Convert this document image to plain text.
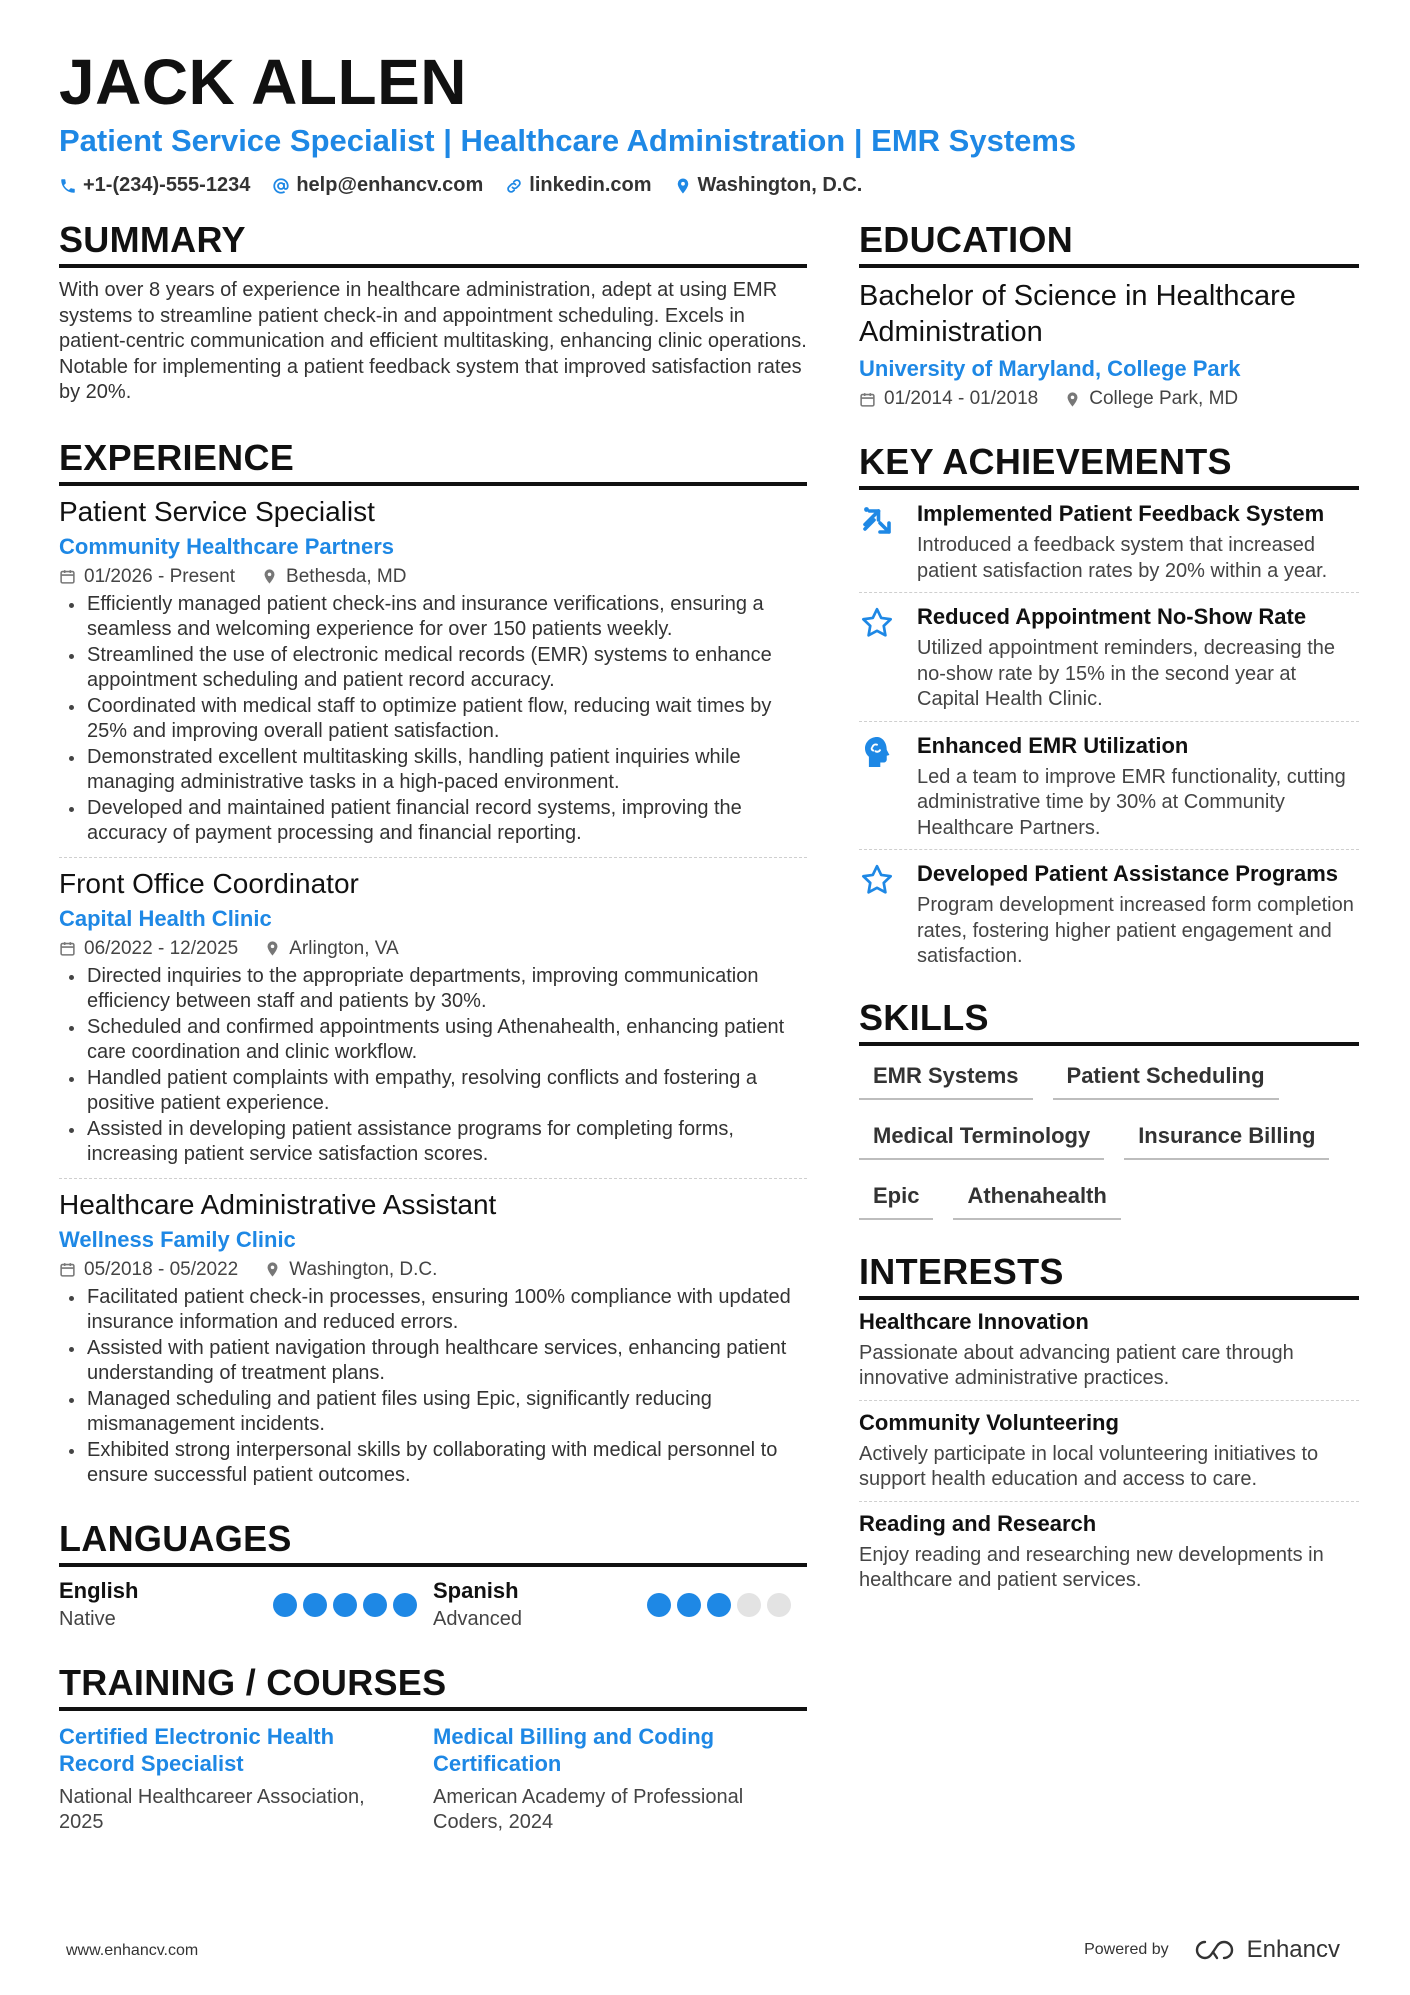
JACK ALLEN
Patient Service Specialist | Healthcare Administration | EMR Systems
+1-(234)-555-1234 help@enhancv.com linkedin.com Washington, D.C.
SUMMARY
With over 8 years of experience in healthcare administration, adept at using EMR systems to streamline patient check-in and appointment scheduling. Excels in patient-centric communication and efficient multitasking, enhancing clinic operations. Notable for implementing a patient feedback system that improved satisfaction rates by 20%.
EXPERIENCE
Patient Service Specialist
Community Healthcare Partners
01/2026 - Present	Bethesda, MD
Efficiently managed patient check-ins and insurance verifications, ensuring a seamless and welcoming experience for over 150 patients weekly.
Streamlined the use of electronic medical records (EMR) systems to enhance appointment scheduling and patient record accuracy.
Coordinated with medical staff to optimize patient flow, reducing wait times by 25% and improving overall patient satisfaction.
Demonstrated excellent multitasking skills, handling patient inquiries while managing administrative tasks in a high-paced environment.
Developed and maintained patient financial record systems, improving the accuracy of payment processing and financial reporting.
Front Office Coordinator
Capital Health Clinic
06/2022 - 12/2025	Arlington, VA
Directed inquiries to the appropriate departments, improving communication efficiency between staff and patients by 30%.
Scheduled and confirmed appointments using Athenahealth, enhancing patient care coordination and clinic workflow.
Handled patient complaints with empathy, resolving conflicts and fostering a positive patient experience.
Assisted in developing patient assistance programs for completing forms, increasing patient service satisfaction scores.
Healthcare Administrative Assistant
Wellness Family Clinic
05/2018 - 05/2022	Washington, D.C.
Facilitated patient check-in processes, ensuring 100% compliance with updated insurance information and reduced errors.
Assisted with patient navigation through healthcare services, enhancing patient understanding of treatment plans.
Managed scheduling and patient files using Epic, significantly reducing mismanagement incidents.
Exhibited strong interpersonal skills by collaborating with medical personnel to ensure successful patient outcomes.
LANGUAGES
English
Native
Spanish
Advanced
TRAINING / COURSES
Certified Electronic Health Record Specialist
National Healthcareer Association, 2025
Medical Billing and Coding Certification
American Academy of Professional Coders, 2024
EDUCATION
Bachelor of Science in Healthcare Administration
University of Maryland, College Park
01/2014 - 01/2018	College Park, MD
KEY ACHIEVEMENTS
Implemented Patient Feedback System
Introduced a feedback system that increased patient satisfaction rates by 20% within a year.
Reduced Appointment No-Show Rate
Utilized appointment reminders, decreasing the no-show rate by 15% in the second year at Capital Health Clinic.
Enhanced EMR Utilization
Led a team to improve EMR functionality, cutting administrative time by 30% at Community Healthcare Partners.
Developed Patient Assistance Programs
Program development increased form completion rates, fostering higher patient engagement and satisfaction.
SKILLS
EMR Systems	Patient Scheduling
Medical Terminology	Insurance Billing
Epic	Athenahealth
INTERESTS
Healthcare Innovation
Passionate about advancing patient care through innovative administrative practices.
Community Volunteering
Actively participate in local volunteering initiatives to support health education and access to care.
Reading and Research
Enjoy reading and researching new developments in healthcare and patient services.
www.enhancv.com	Powered by	Enhancv
